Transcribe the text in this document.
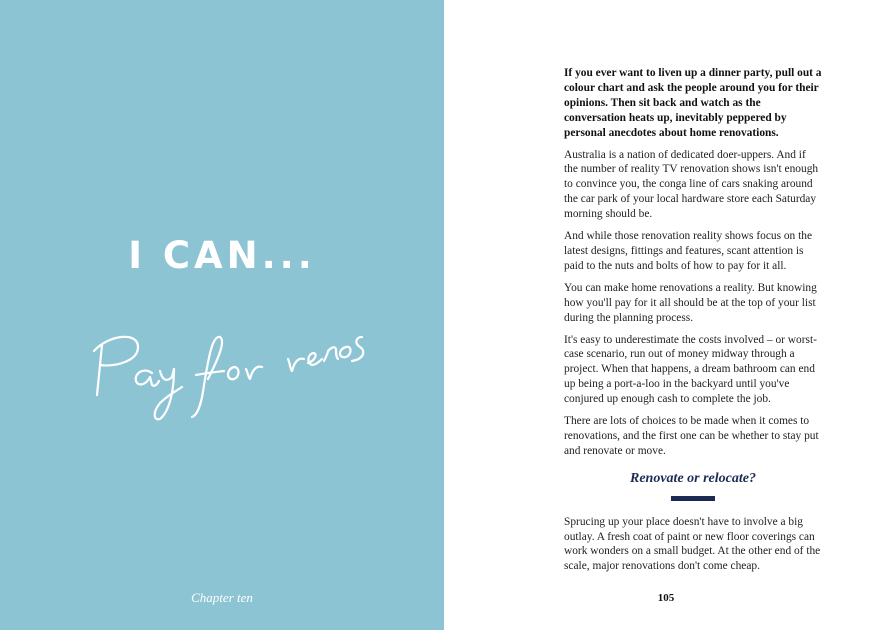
I CAN...
Chapter ten

If you ever want to liven up a dinner party, pull out a colour chart and ask the people around you for their opinions. Then sit back and watch as the conversation heats up, inevitably peppered by personal anecdotes about home renovations.

Australia is a nation of dedicated doer-uppers. And if the number of reality TV renovation shows isn't enough to convince you, the conga line of cars snaking around the car park of your local hardware store each Saturday morning should be.

And while those renovation reality shows focus on the latest designs, fittings and features, scant attention is paid to the nuts and bolts of how to pay for it all.

You can make home renovations a reality. But knowing how you'll pay for it all should be at the top of your list during the planning process.

It's easy to underestimate the costs involved – or worst-case scenario, run out of money midway through a project. When that happens, a dream bathroom can end up being a port-a-loo in the backyard until you've conjured up enough cash to complete the job.

There are lots of choices to be made when it comes to renovations, and the first one can be whether to stay put and renovate or move.

Renovate or relocate?

Sprucing up your place doesn't have to involve a big outlay. A fresh coat of paint or new floor coverings can work wonders on a small budget. At the other end of the scale, major renovations don't come cheap.

105
